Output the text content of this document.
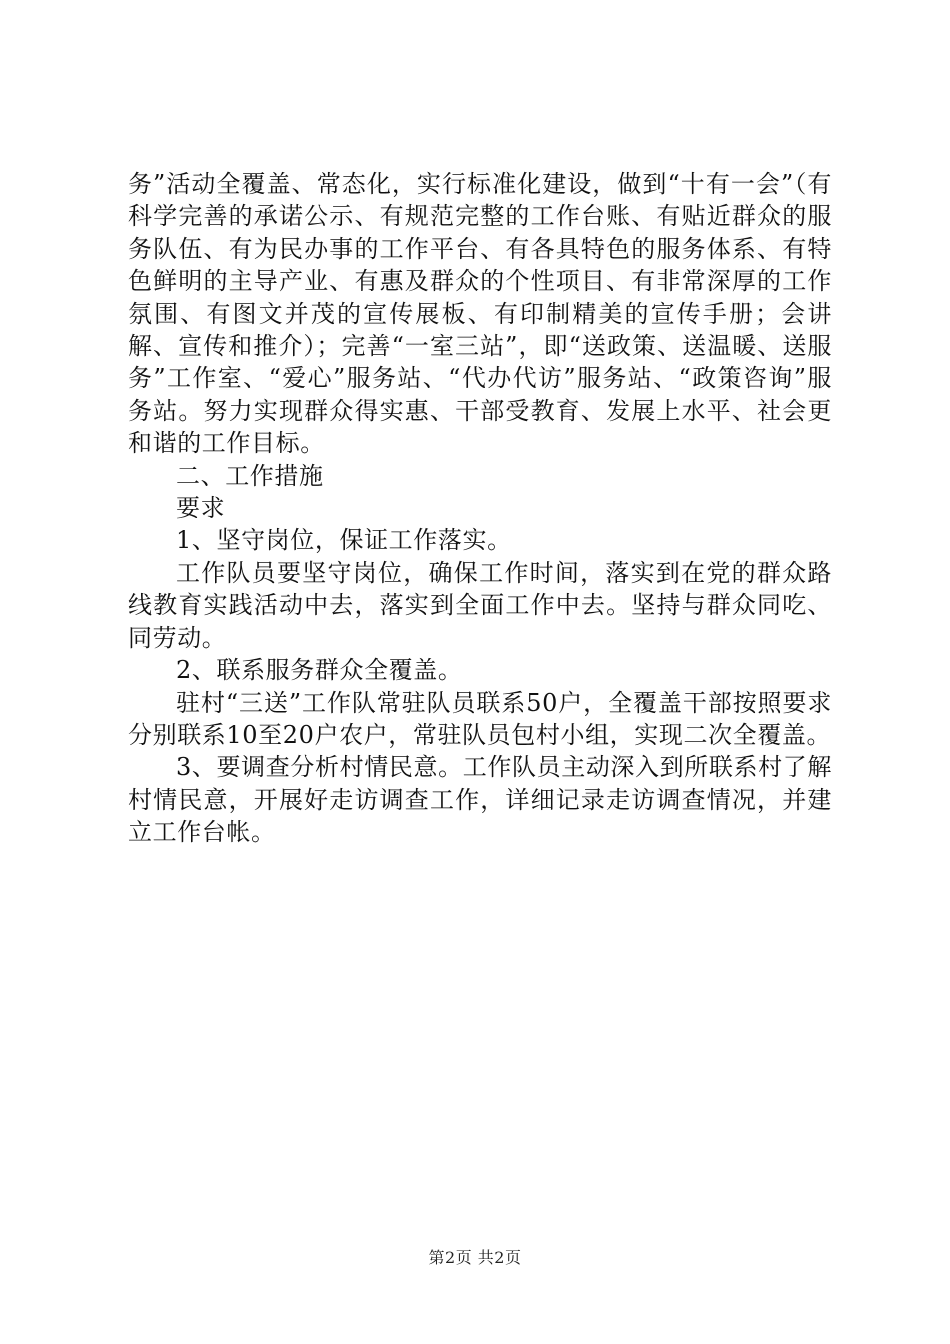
务”活动全覆盖、常态化，实行标准化建设，做到“十有一会”（有科学完善的承诺公示、有规范完整的工作台账、有贴近群众的服务队伍、有为民办事的工作平台、有各具特色的服务体系、有特色鲜明的主导产业、有惠及群众的个性项目、有非常深厚的工作氛围、有图文并茂的宣传展板、有印制精美的宣传手册；会讲解、宣传和推介）；完善“一室三站”，即“送政策、送温暖、送服务”工作室、“爱心”服务站、“代办代访”服务站、“政策咨询”服务站。努力实现群众得实惠、干部受教育、发展上水平、社会更和谐的工作目标。

二、工作措施

要求

1、坚守岗位，保证工作落实。

工作队员要坚守岗位，确保工作时间，落实到在党的群众路线教育实践活动中去，落实到全面工作中去。坚持与群众同吃、同劳动。

2、联系服务群众全覆盖。

驻村“三送”工作队常驻队员联系50户，全覆盖干部按照要求分别联系10至20户农户，常驻队员包村小组，实现二次全覆盖。

3、要调查分析村情民意。工作队员主动深入到所联系村了解村情民意，开展好走访调查工作，详细记录走访调查情况，并建立工作台帐。

第2页 共2页
